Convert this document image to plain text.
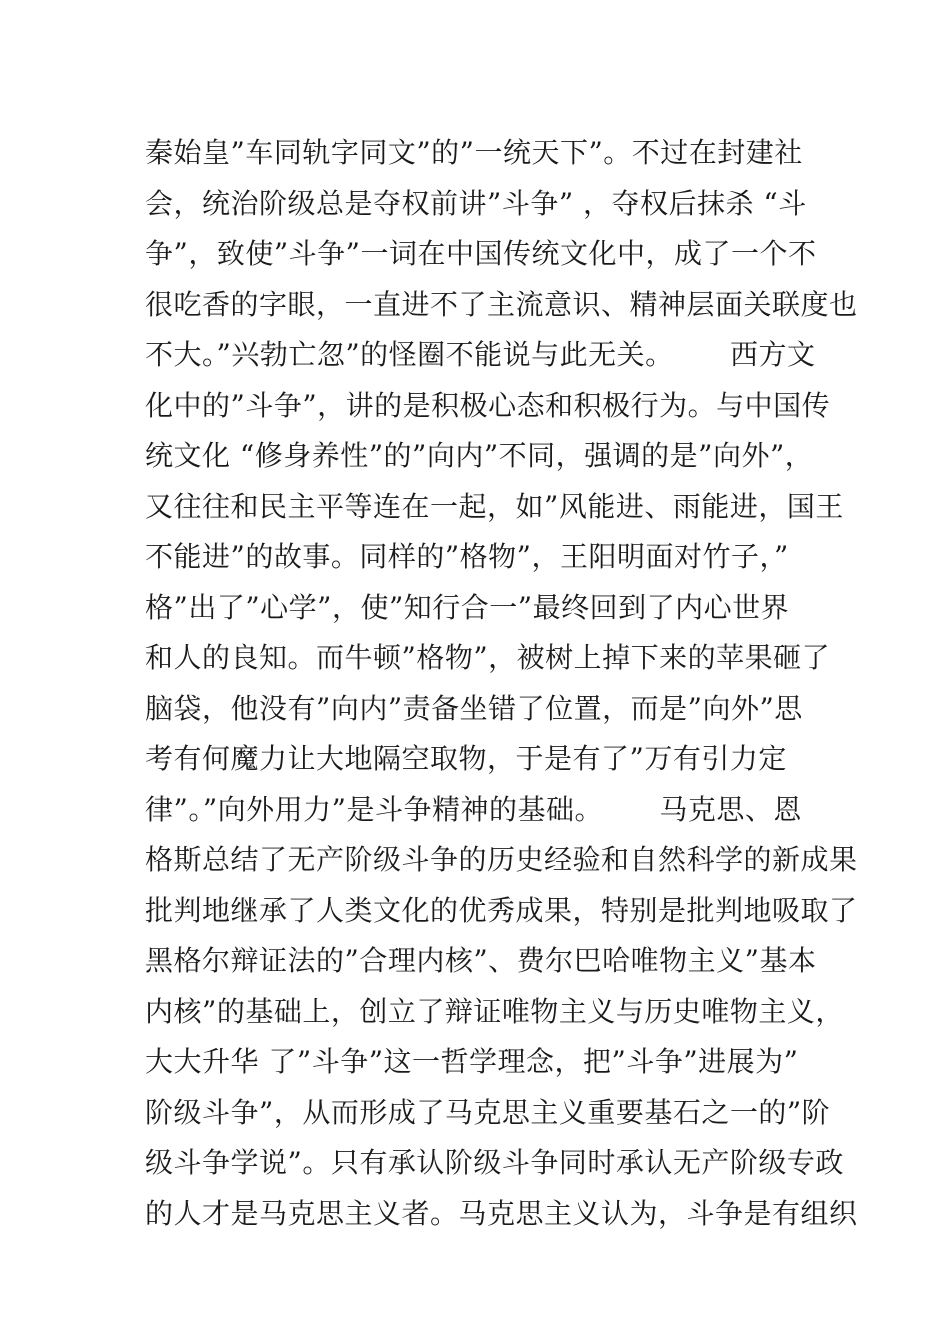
秦始皇”车同轨字同文”的”一统天下”。不过在封建社
会，统治阶级总是夺权前讲”斗争” ，夺权后抹杀 “斗
争”，致使”斗争”一词在中国传统文化中，成了一个不
很吃香的字眼，一直进不了主流意识、精神层面关联度也
不大。”兴勃亡忽”的怪圈不能说与此无关。      西方文
化中的”斗争”，讲的是积极心态和积极行为。与中国传
统文化 “修身养性”的”向内”不同，强调的是”向外”，
又往往和民主平等连在一起，如”风能进、雨能进，国王
不能进”的故事。同样的”格物”，王阳明面对竹子，”
格”出了”心学”，使”知行合一”最终回到了内心世界
和人的良知。而牛顿”格物”，被树上掉下来的苹果砸了
脑袋，他没有”向内”责备坐错了位置，而是”向外”思
考有何魔力让大地隔空取物，于是有了”万有引力定
律”。”向外用力”是斗争精神的基础。      马克思、恩
格斯总结了无产阶级斗争的历史经验和自然科学的新成果
批判地继承了人类文化的优秀成果，特别是批判地吸取了
黑格尔辩证法的”合理内核”、费尔巴哈唯物主义”基本
内核”的基础上，创立了辩证唯物主义与历史唯物主义，
大大升华 了”斗争”这一哲学理念，把”斗争”进展为”
阶级斗争”，从而形成了马克思主义重要基石之一的”阶
级斗争学说”。只有承认阶级斗争同时承认无产阶级专政
的人才是马克思主义者。马克思主义认为，斗争是有组织
